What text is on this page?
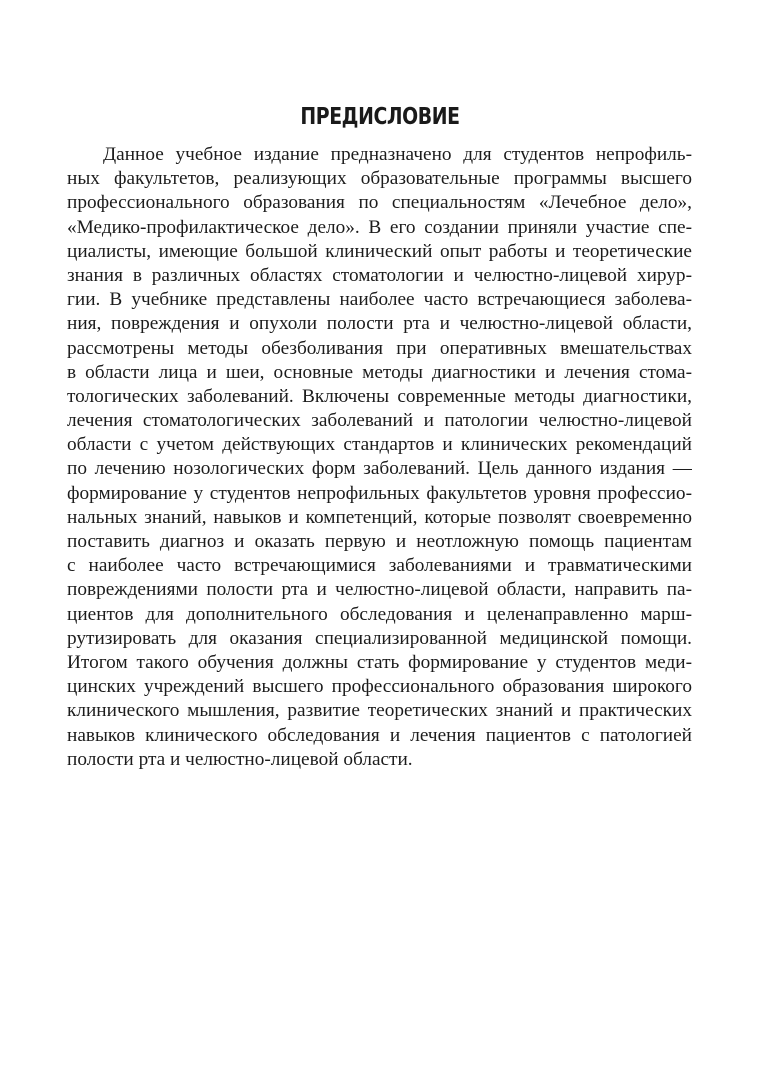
ПРЕДИСЛОВИЕ
Данное учебное издание предназначено для студентов непрофиль-
ных факультетов, реализующих образовательные программы высшего
профессионального образования по специальностям «Лечебное дело»,
«Медико-профилактическое дело». В его создании приняли участие спе-
циалисты, имеющие большой клинический опыт работы и теоретические
знания в различных областях стоматологии и челюстно-лицевой хирур-
гии. В учебнике представлены наиболее часто встречающиеся заболева-
ния, повреждения и опухоли полости рта и челюстно-лицевой области,
рассмотрены методы обезболивания при оперативных вмешательствах
в области лица и шеи, основные методы диагностики и лечения стома-
тологических заболеваний. Включены современные методы диагностики,
лечения стоматологических заболеваний и патологии челюстно-лицевой
области с учетом действующих стандартов и клинических рекомендаций
по лечению нозологических форм заболеваний. Цель данного издания —
формирование у студентов непрофильных факультетов уровня профессио-
нальных знаний, навыков и компетенций, которые позволят своевременно
поставить диагноз и оказать первую и неотложную помощь пациентам
с наиболее часто встречающимися заболеваниями и травматическими
повреждениями полости рта и челюстно-лицевой области, направить па-
циентов для дополнительного обследования и целенаправленно марш-
рутизировать для оказания специализированной медицинской помощи.
Итогом такого обучения должны стать формирование у студентов меди-
цинских учреждений высшего профессионального образования широкого
клинического мышления, развитие теоретических знаний и практических
навыков клинического обследования и лечения пациентов с патологией
полости рта и челюстно-лицевой области.
